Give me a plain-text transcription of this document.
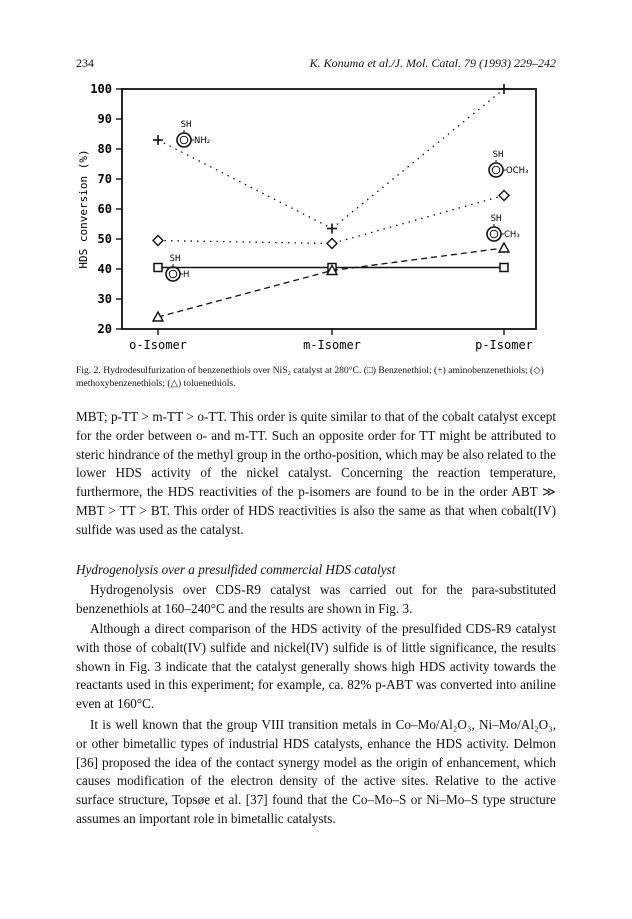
234	K. Konuma et al./J. Mol. Catal. 79 (1993) 229–242
20
30
40
50
60
70
80
90
100
o-Isomer	m-Isomer	p-Isomer
HDS conversion (%)
SH
NH₂
SH
OCH₃
SH
CH₃
SH
H
Fig. 2. Hydrodesulfurization of benzenethiols over NiS₂ catalyst at 280°C. (□) Benzenethiol; (+) aminobenzenethiols; (◇) methoxybenzenethiols; (△) toluenethiols.

MBT; p-TT > m-TT > o-TT. This order is quite similar to that of the cobalt catalyst except for the order between o- and m-TT. Such an opposite order for TT might be attributed to steric hindrance of the methyl group in the ortho-position, which may be also related to the lower HDS activity of the nickel catalyst. Concerning the reaction temperature, furthermore, the HDS reactivities of the p-isomers are found to be in the order ABT ≫ MBT > TT > BT. This order of HDS reactivities is also the same as that when cobalt(IV) sulfide was used as the catalyst.

Hydrogenolysis over a presulfided commercial HDS catalyst

Hydrogenolysis over CDS-R9 catalyst was carried out for the para-substituted benzenethiols at 160–240°C and the results are shown in Fig. 3.

Although a direct comparison of the HDS activity of the presulfided CDS-R9 catalyst with those of cobalt(IV) sulfide and nickel(IV) sulfide is of little significance, the results shown in Fig. 3 indicate that the catalyst generally shows high HDS activity towards the reactants used in this experiment; for example, ca. 82% p-ABT was converted into aniline even at 160°C.

It is well known that the group VIII transition metals in Co–Mo/Al₂O₃, Ni–Mo/Al₂O₃, or other bimetallic types of industrial HDS catalysts, enhance the HDS activity. Delmon [36] proposed the idea of the contact synergy model as the origin of enhancement, which causes modification of the electron density of the active sites. Relative to the active surface structure, Topsøe et al. [37] found that the Co–Mo–S or Ni–Mo–S type structure assumes an important role in bimetallic catalysts.
